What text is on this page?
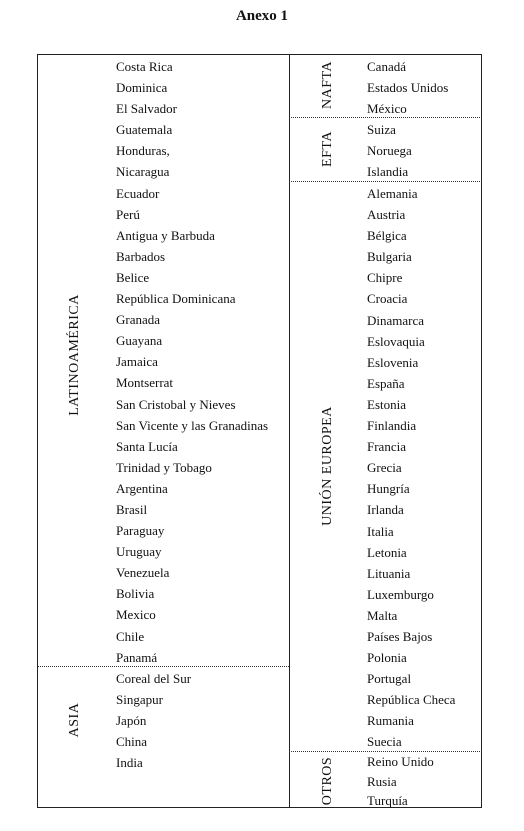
Anexo 1
LATINOAMÉRICA
Costa Rica
Dominica
El Salvador
Guatemala
Honduras,
Nicaragua
Ecuador
Perú
Antigua y Barbuda
Barbados
Belice
República Dominicana
Granada
Guayana
Jamaica
Montserrat
San Cristobal y Nieves
San Vicente y las Granadinas
Santa Lucía
Trinidad y Tobago
Argentina
Brasil
Paraguay
Uruguay
Venezuela
Bolivia
Mexico
Chile
Panamá
ASIA
Coreal del Sur
Singapur
Japón
China
India
NAFTA Canadá
Estados Unidos
México
EFTA
Suiza
Noruega
Islandia
UNIÓN EUROPEA
Alemania
Austria
Bélgica
Bulgaria
Chipre
Croacia
Dinamarca
Eslovaquia
Eslovenia
España
Estonia
Finlandia
Francia
Grecia
Hungría
Irlanda
Italia
Letonia
Lituania
Luxemburgo
Malta
Países Bajos
Polonia
Portugal
República Checa
Rumania
Suecia
OTROS Reino Unido
Rusia
Turquía
